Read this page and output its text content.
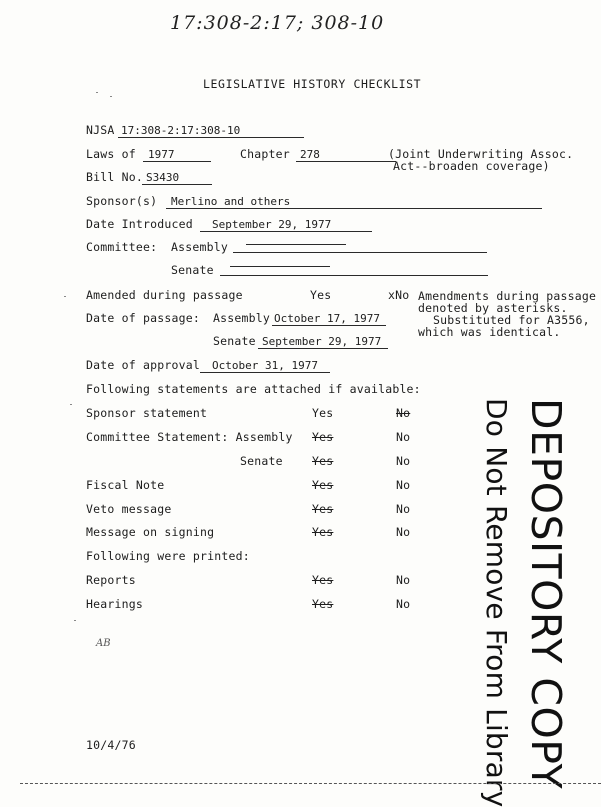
17:308-2:17; 308-10
LEGISLATIVE HISTORY CHECKLIST
NJSA 17:308-2:17:308-10
Laws of 1977	Chapter 278	(Joint Underwriting Assoc.
Act--broaden coverage)
Bill No. S3430
Sponsor(s) Merlino and others
Date Introduced September 29, 1977
Committee: Assembly
Senate
Amended during passage	Yes	xNo Amendments during passage
denoted by asterisks.
Substituted for A3556,
which was identical.
Date of passage: Assembly October 17, 1977
Senate September 29, 1977
Date of approval October 31, 1977
Following statements are attached if available:
Sponsor statement	Yes	No
Committee Statement: Assembly Yes	No
Senate	Yes	No
Fiscal Note	Yes	No
Veto message	Yes	No
Message on signing	Yes	No
Following were printed:
Reports	Yes	No
Hearings	Yes	No	DEPOSITORY COPY
Do Not Remove From Library
AB
10/4/76
